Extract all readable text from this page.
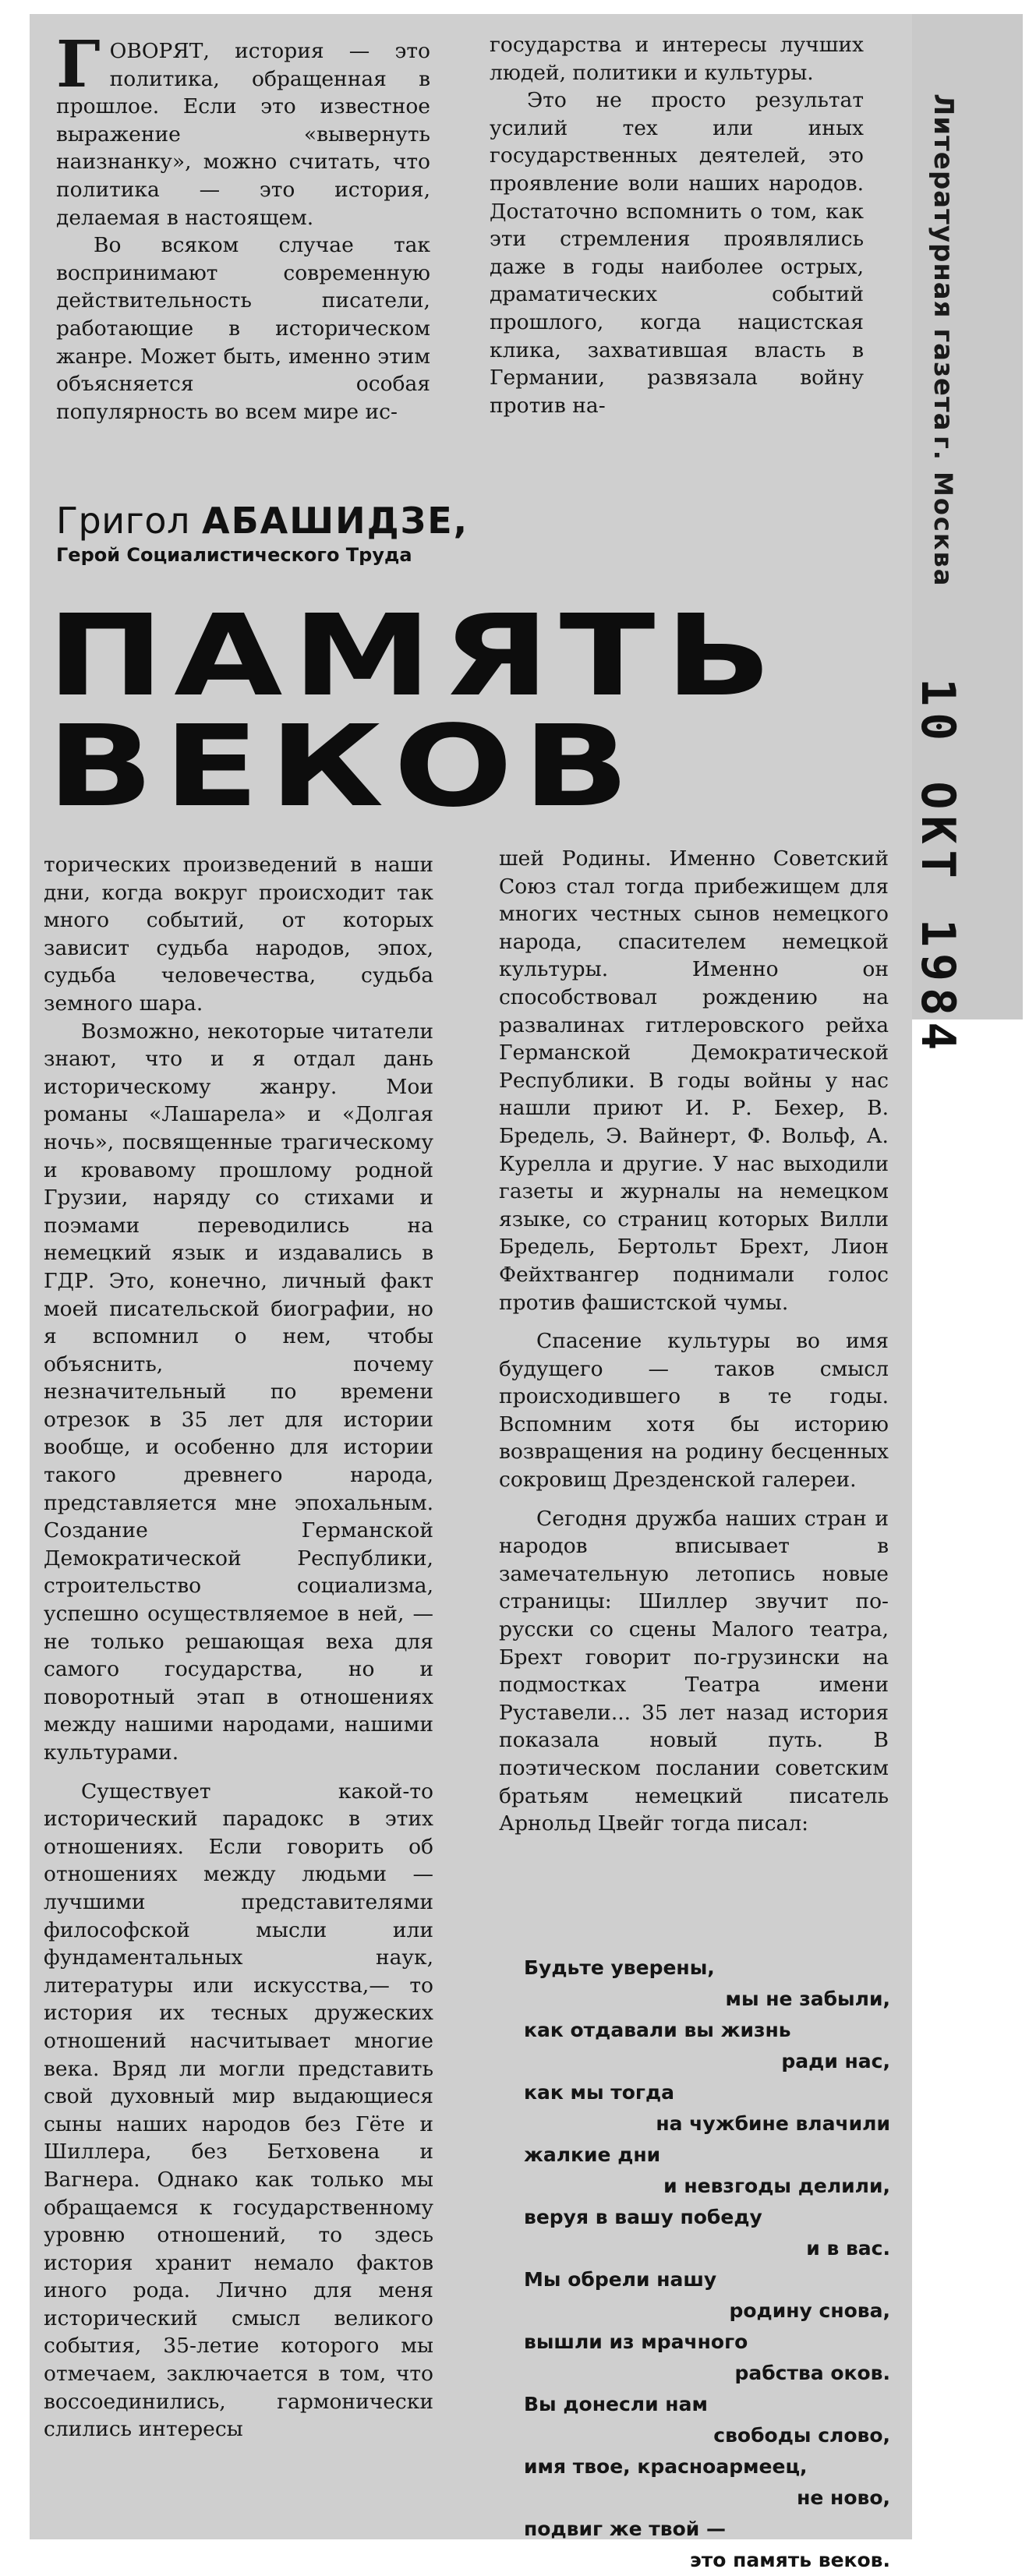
ГОВОРЯТ, история — это политика, обращенная в прошлое. Если это известное выражение «вывернуть наизнанку», можно считать, что политика — это история, делаемая в настоящем.

Во всяком случае так воспринимают современную действительность писатели, работающие в историческом жанре. Может быть, именно этим объясняется особая популярность во всем мире ис-

государства и интересы лучших людей, политики и культуры.

Это не просто результат усилий тех или иных государственных деятелей, это проявление воли наших народов. Достаточно вспомнить о том, как эти стремления проявлялись даже в годы наиболее острых, драматических событий прошлого, когда нацистская клика, захватившая власть в Германии, развязала войну против на-

Григол АБАШИДЗЕ,
Герой Социалистического Труда
ПАМЯТЬ
ВЕКОВ
Литературная газета г. Москва
10 ОКТ 1984

торических произведений в наши дни, когда вокруг происходит так много событий, от которых зависит судьба народов, эпох, судьба человечества, судьба земного шара.

Возможно, некоторые читатели знают, что и я отдал дань историческому жанру. Мои романы «Лашарела» и «Долгая ночь», посвященные трагическому и кровавому прошлому родной Грузии, наряду со стихами и поэмами переводились на немецкий язык и издавались в ГДР. Это, конечно, личный факт моей писательской биографии, но я вспомнил о нем, чтобы объяснить, почему незначительный по времени отрезок в 35 лет для истории вообще, и особенно для истории такого древнего народа, представляется мне эпохальным. Создание Германской Демократической Республики, строительство социализма, успешно осуществляемое в ней, — не только решающая веха для самого государства, но и поворотный этап в отношениях между нашими народами, нашими культурами.

Существует какой-то исторический парадокс в этих отношениях. Если говорить об отношениях между людьми — лучшими представителями философской мысли или фундаментальных наук, литературы или искусства,— то история их тесных дружеских отношений насчитывает многие века. Вряд ли могли представить свой духовный мир выдающиеся сыны наших народов без Гёте и Шиллера, без Бетховена и Вагнера. Однако как только мы обращаемся к государственному уровню отношений, то здесь история хранит немало фактов иного рода. Лично для меня исторический смысл великого события, 35-летие которого мы отмечаем, заключается в том, что воссоединились, гармонически слились интересы

шей Родины. Именно Советский Союз стал тогда прибежищем для многих честных сынов немецкого народа, спасителем немецкой культуры. Именно он способствовал рождению на развалинах гитлеровского рейха Германской Демократической Республики. В годы войны у нас нашли приют И. Р. Бехер, В. Бредель, Э. Вайнерт, Ф. Вольф, А. Курелла и другие. У нас выходили газеты и журналы на немецком языке, со страниц которых Вилли Бредель, Бертольт Брехт, Лион Фейхтвангер поднимали голос против фашистской чумы.

Спасение культуры во имя будущего — таков смысл происходившего в те годы. Вспомним хотя бы историю возвращения на родину бесценных сокровищ Дрезденской галереи.

Сегодня дружба наших стран и народов вписывает в замечательную летопись новые страницы: Шиллер звучит по-русски со сцены Малого театра, Брехт говорит по-грузински на подмостках Театра имени Руставели... 35 лет назад история показала новый путь. В поэтическом послании советским братьям немецкий писатель Арнольд Цвейг тогда писал:

Будьте уверены,
мы не забыли,
как отдавали вы жизнь
ради нас,
как мы тогда
на чужбине влачили
жалкие дни
и невзгоды делили,
веруя в вашу победу
и в вас.
Мы обрели нашу
родину снова,
вышли из мрачного
рабства оков.
Вы донесли нам
свободы слово,
имя твое, красноармеец,
не ново,
подвиг же твой —
это память веков.
